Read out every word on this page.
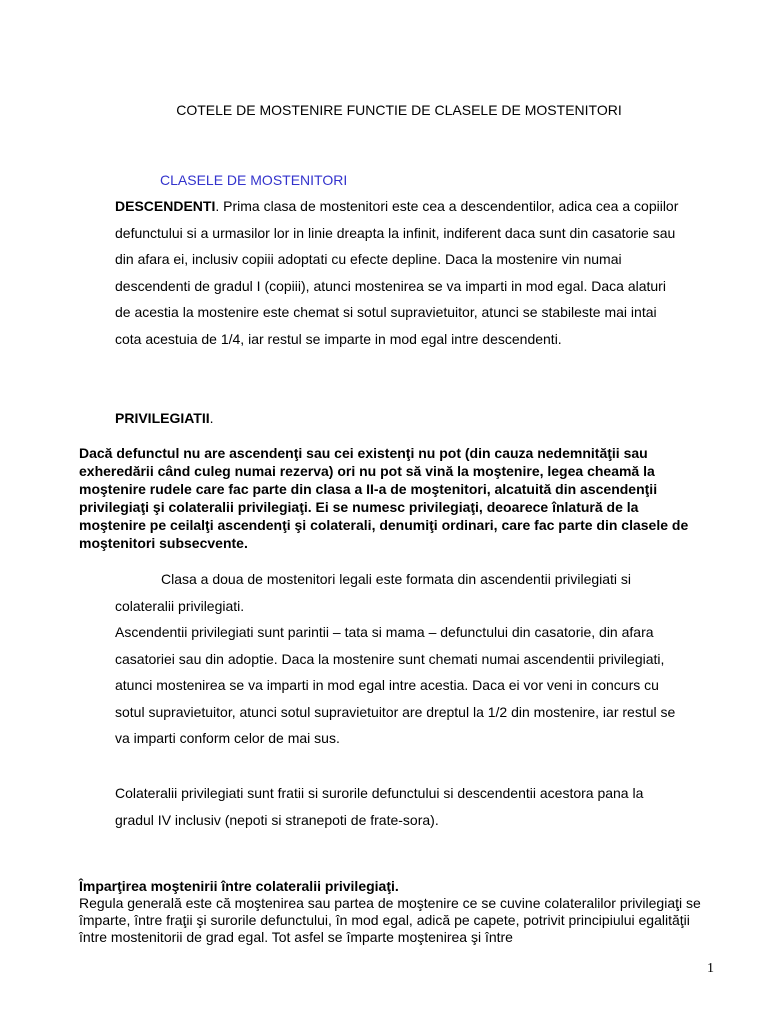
COTELE DE MOSTENIRE FUNCTIE DE CLASELE DE MOSTENITORI
CLASELE DE MOSTENITORI
DESCENDENTI. Prima clasa de mostenitori este cea a descendentilor, adica cea a copiilor defunctului si a urmasilor lor in linie dreapta la infinit, indiferent daca sunt din casatorie sau din afara ei, inclusiv copiii adoptati cu efecte depline. Daca la mostenire vin numai descendenti de gradul I (copiii), atunci mostenirea se va imparti in mod egal. Daca alaturi de acestia la mostenire este chemat si sotul supravietuitor, atunci se stabileste mai intai cota acestuia de 1/4, iar restul se imparte in mod egal intre descendenti.
PRIVILEGIATII.
Dacă defunctul nu are ascendenţi sau cei existenţi nu pot (din cauza nedemnităţii sau exheredării când culeg numai rezerva) ori nu pot să vină la moştenire, legea cheamă la moştenire rudele care fac parte din clasa a II-a de moştenitori, alcatuită din ascendenţii privilegiaţi şi colateralii privilegiaţi. Ei se numesc privilegiaţi, deoarece înlatură de la moştenire pe ceilalţi ascendenţi şi colaterali, denumiţi ordinari, care fac parte din clasele de moştenitori subsecvente.
Clasa a doua de mostenitori legali este formata din ascendentii privilegiati si colateralii privilegiati.
Ascendentii privilegiati sunt parintii – tata si mama – defunctului din casatorie, din afara casatoriei sau din adoptie. Daca la mostenire sunt chemati numai ascendentii privilegiati, atunci mostenirea se va imparti in mod egal intre acestia. Daca ei vor veni in concurs cu sotul supravietuitor, atunci sotul supravietuitor are dreptul la 1/2 din mostenire, iar restul se va imparti conform celor de mai sus.
Colateralii privilegiati sunt fratii si surorile defunctului si descendentii acestora pana la gradul IV inclusiv (nepoti si stranepoti de frate-sora).
Împarţirea moştenirii între colateralii privilegiaţi.
Regula generală este că moştenirea sau partea de moştenire ce se cuvine colateralilor privilegiaţi se împarte, între fraţii şi surorile defunctului, în mod egal, adică pe capete, potrivit principiului egalităţii între mostenitorii de grad egal. Tot asfel se împarte moştenirea şi între
1
